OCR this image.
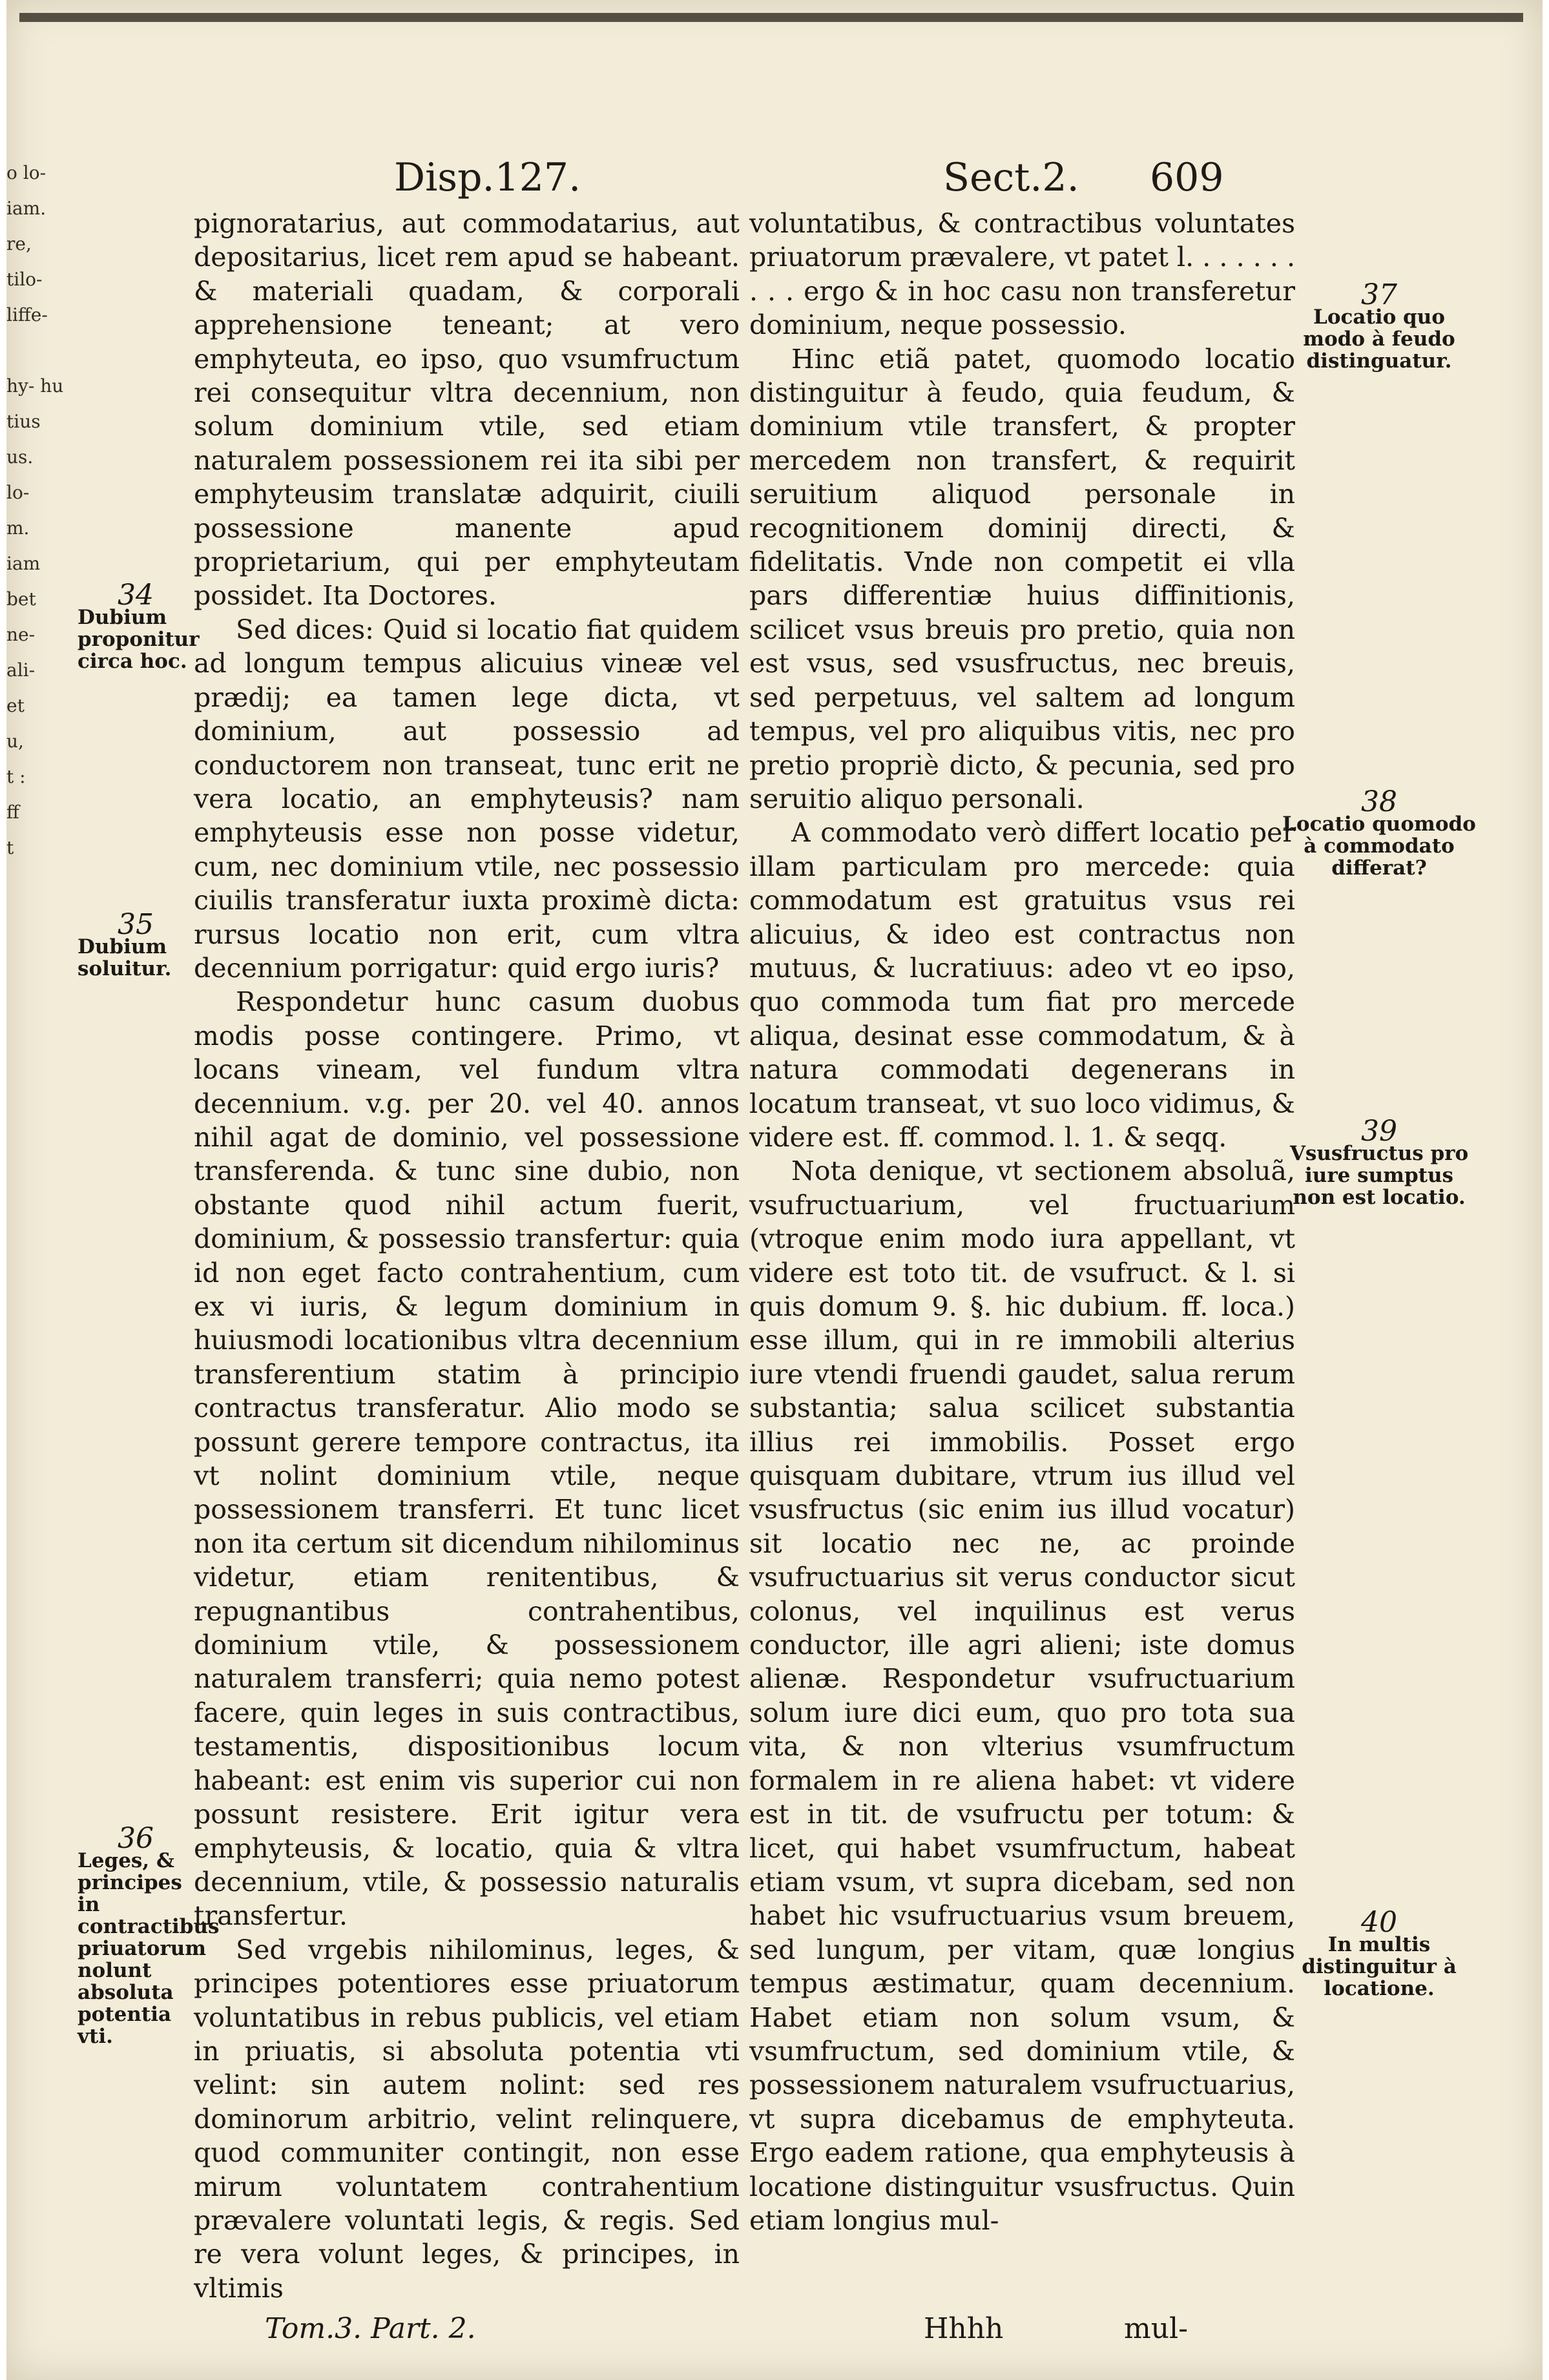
o lo-
iam.
re,
tilo-
liffe-
hy- hu
tius
us.
lo-
m.
iam
bet
ne-
ali-
et
u,
t :
ff
t
Disp.127.	Sect.2. 609

pignoratarius, aut commodatarius, aut depositarius, licet rem apud se habeant. & materiali quadam, & corporali apprehensione teneant; at vero emphyteuta, eo ipso, quo vsumfructum rei consequitur vltra decennium, non solum dominium vtile, sed etiam naturalem possessionem rei ita sibi per emphyteusim translatæ adquirit, ciuili possessione manente apud proprietarium, qui per emphyteutam possidet. Ita Doctores.

Sed dices: Quid si locatio fiat quidem ad longum tempus alicuius vineæ vel prædij; ea tamen lege dicta, vt dominium, aut possessio ad conductorem non transeat, tunc erit ne vera locatio, an emphyteusis? nam emphyteusis esse non posse videtur, cum, nec dominium vtile, nec possessio ciuilis transferatur iuxta proximè dicta: rursus locatio non erit, cum vltra decennium porrigatur: quid ergo iuris?

Respondetur hunc casum duobus modis posse contingere. Primo, vt locans vineam, vel fundum vltra decennium. v.g. per 20. vel 40. annos nihil agat de dominio, vel possessione transferenda. & tunc sine dubio, non obstante quod nihil actum fuerit, dominium, & possessio transfertur: quia id non eget facto contrahentium, cum ex vi iuris, & legum dominium in huiusmodi locationibus vltra decennium transferentium statim à principio contractus transferatur. Alio modo se possunt gerere tempore contractus, ita vt nolint dominium vtile, neque possessionem transferri. Et tunc licet non ita certum sit dicendum nihilominus videtur, etiam renitentibus, & repugnantibus contrahentibus, dominium vtile, & possessionem naturalem transferri; quia nemo potest facere, quin leges in suis contractibus, testamentis, dispositionibus locum habeant: est enim vis superior cui non possunt resistere. Erit igitur vera emphyteusis, & locatio, quia & vltra decennium, vtile, & possessio naturalis transfertur.

Sed vrgebis nihilominus, leges, & principes potentiores esse priuatorum voluntatibus in rebus publicis, vel etiam in priuatis, si absoluta potentia vti velint: sin autem nolint: sed res dominorum arbitrio, velint relinquere, quod communiter contingit, non esse mirum voluntatem contrahentium prævalere voluntati legis, & regis. Sed re vera volunt leges, & principes, in vltimis

voluntatibus, & contractibus voluntates priuatorum prævalere, vt patet l. . . . . . . . . . ergo & in hoc casu non transferetur dominium, neque possessio.

Hinc etiã patet, quomodo locatio distinguitur à feudo, quia feudum, & dominium vtile transfert, & propter mercedem non transfert, & requirit seruitium aliquod personale in recognitionem dominij directi, & fidelitatis. Vnde non competit ei vlla pars differentiæ huius diffinitionis, scilicet vsus breuis pro pretio, quia non est vsus, sed vsusfructus, nec breuis, sed perpetuus, vel saltem ad longum tempus, vel pro aliquibus vitis, nec pro pretio propriè dicto, & pecunia, sed pro seruitio aliquo personali.

A commodato verò differt locatio per illam particulam pro mercede: quia commodatum est gratuitus vsus rei alicuius, & ideo est contractus non mutuus, & lucratiuus: adeo vt eo ipso, quo commoda tum fiat pro mercede aliqua, desinat esse commodatum, & à natura commodati degenerans in locatum transeat, vt suo loco vidimus, & videre est. ff. commod. l. 1. & seqq.

Nota denique, vt sectionem absoluã, vsufructuarium, vel fructuarium (vtroque enim modo iura appellant, vt videre est toto tit. de vsufruct. & l. si quis domum 9. §. hic dubium. ff. loca.) esse illum, qui in re immobili alterius iure vtendi fruendi gaudet, salua rerum substantia; salua scilicet substantia illius rei immobilis. Posset ergo quisquam dubitare, vtrum ius illud vel vsusfructus (sic enim ius illud vocatur) sit locatio nec ne, ac proinde vsufructuarius sit verus conductor sicut colonus, vel inquilinus est verus conductor, ille agri alieni; iste domus alienæ. Respondetur vsufructuarium solum iure dici eum, quo pro tota sua vita, & non vlterius vsumfructum formalem in re aliena habet: vt videre est in tit. de vsufructu per totum: & licet, qui habet vsumfructum, habeat etiam vsum, vt supra dicebam, sed non habet hic vsufructuarius vsum breuem, sed lungum, per vitam, quæ longius tempus æstimatur, quam decennium. Habet etiam non solum vsum, & vsumfructum, sed dominium vtile, & possessionem naturalem vsufructuarius, vt supra dicebamus de emphyteuta. Ergo eadem ratione, qua emphyteusis à locatione distinguitur vsusfructus. Quin etiam longius mul-

34
Dubium proponitur circa hoc.
35
Dubium soluitur.
36
Leges, & principes in contractibus priuatorum nolunt absoluta potentia vti.
37
Locatio quo modo à feudo distinguatur.
38
Locatio quomodo à commodato differat?
39
Vsusfructus pro iure sumptus non est locatio.
40
In multis distinguitur à locatione.
Tom.3. Part. 2.	Hhhh	mul-
